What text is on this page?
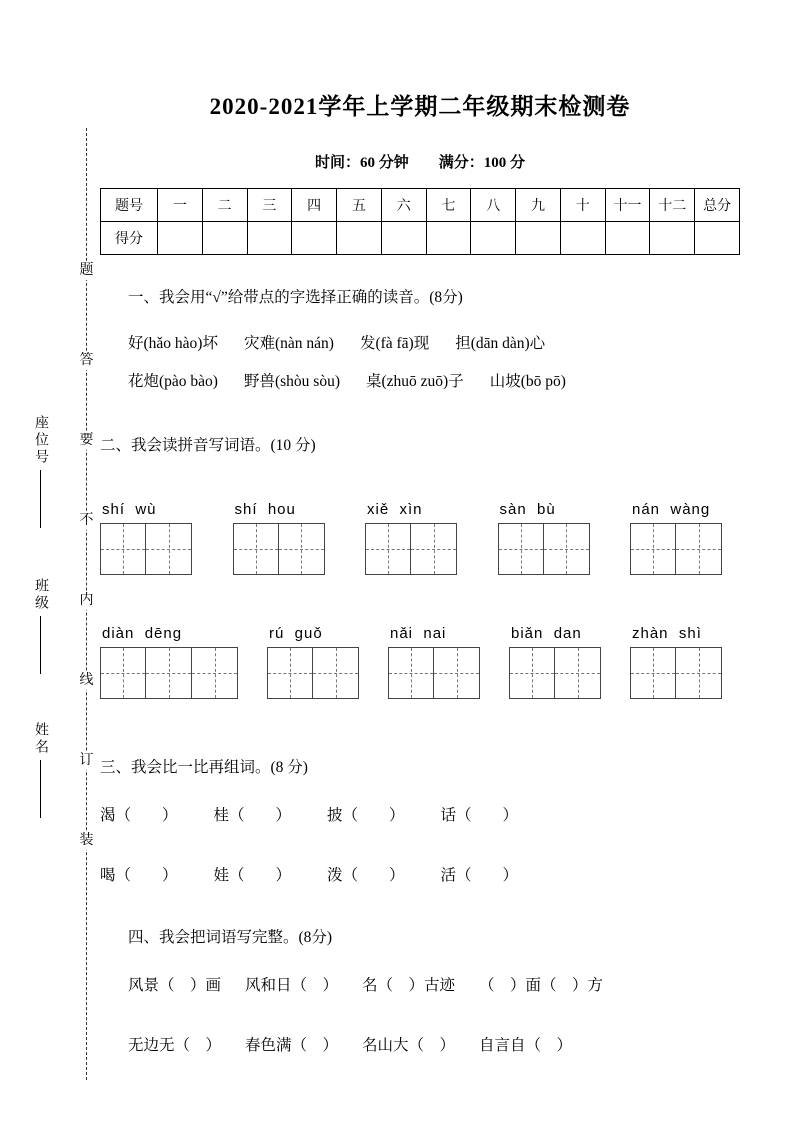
题
答
要
不
内
线
订
装
座位号
班级
姓名
2020-2021学年上学期二年级期末检测卷
时间：60 分钟　　满分：100 分
题号	一	二	三	四	五	六	七	八	九	十	十一	十二	总分
得分													
一、我会用“√”给带点的字选择正确的读音。(8分)
好(hǎo hào)坏 灾难(nàn nán) 发(fà fā)现 担(dān dàn)心
花炮(pào bào) 野兽(shòu sòu) 桌(zhuō zuō)子 山坡(bō pō)
二、我会读拼音写词语。(10 分)
shí  wù	shí  hou	xiě  xìn	sàn  bù	nán  wàng
diàn  dēng	rú  guǒ	nǎi  nai	biǎn  dan	zhàn  shì
三、我会比一比再组词。(8 分)
渴（　　） 桂（　　） 披（　　） 话（　　）
喝（　　） 娃（　　） 泼（　　） 活（　　）
四、我会把词语写完整。(8分)
风景（　）画 风和日（　） 名（　）古迹 （　）面（　）方
无边无（　） 春色满（　） 名山大（　） 自言自（　）
